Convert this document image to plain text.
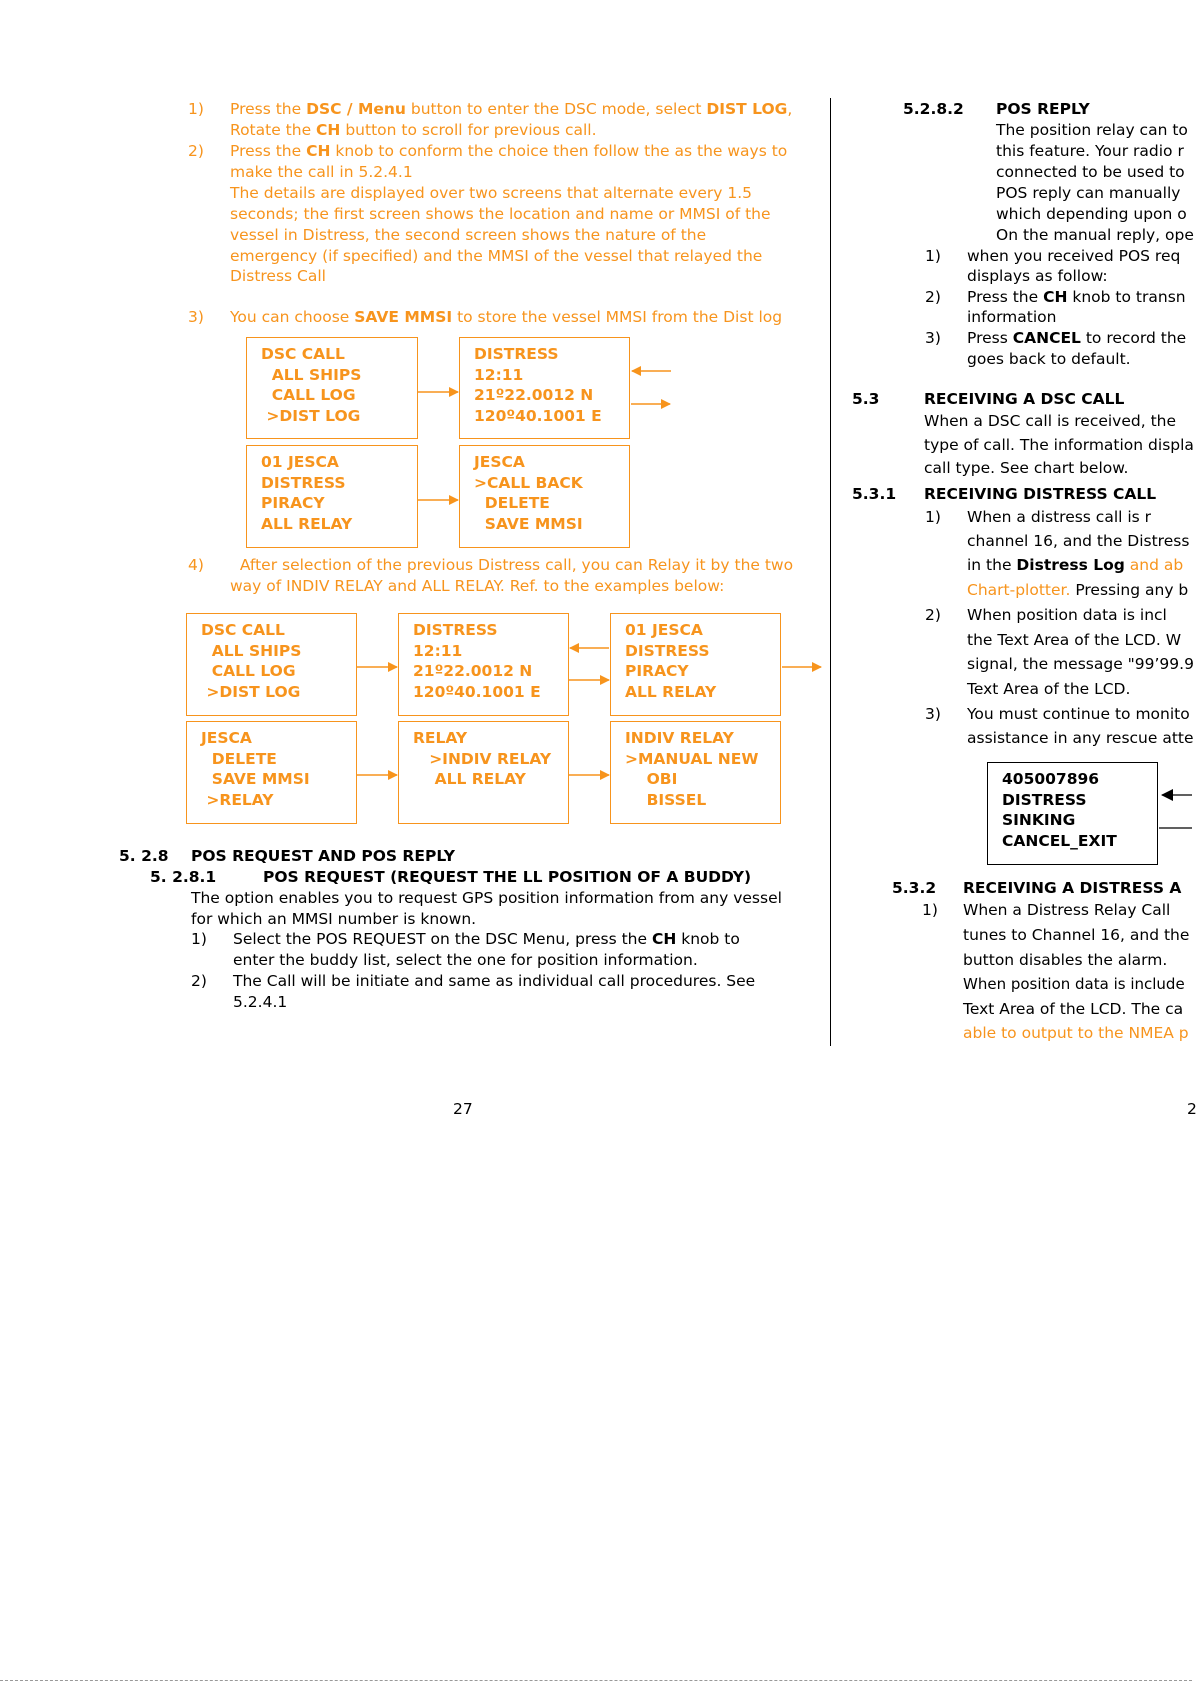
1) Press the DSC / Menu button to enter the DSC mode, select DIST LOG,
Rotate the CH button to scroll for previous call.
2) Press the CH knob to conform the choice then follow the as the ways to
make the call in 5.2.4.1
The details are displayed over two screens that alternate every 1.5
seconds; the first screen shows the location and name or MMSI of the
vessel in Distress, the second screen shows the nature of the
emergency (if specified) and the MMSI of the vessel that relayed the
Distress Call
3) You can choose SAVE MMSI to store the vessel MMSI from the Dist log
DSC CALL
ALL SHIPS
CALL LOG
>DIST LOG
DISTRESS
12:11
21º22.0012 N
120º40.1001 E
01 JESCA
DISTRESS
PIRACY
ALL RELAY
JESCA
>CALL BACK
DELETE
SAVE MMSI
4) After selection of the previous Distress call, you can Relay it by the two
way of INDIV RELAY and ALL RELAY. Ref. to the examples below:
DSC CALL
ALL SHIPS
CALL LOG
>DIST LOG
DISTRESS
12:11
21º22.0012 N
120º40.1001 E
01 JESCA
DISTRESS
PIRACY
ALL RELAY
JESCA
DELETE
SAVE MMSI
>RELAY
RELAY
>INDIV RELAY
ALL RELAY
INDIV RELAY
>MANUAL NEW
OBI
BISSEL
5. 2.8 POS REQUEST AND POS REPLY
5. 2.8.1	POS REQUEST (REQUEST THE LL POSITION OF A BUDDY)
The option enables you to request GPS position information from any vessel
for which an MMSI number is known.
1) Select the POS REQUEST on the DSC Menu, press the CH knob to
enter the buddy list, select the one for position information.
2) The Call will be initiate and same as individual call procedures. See
5.2.4.1
27
5.2.8.2 POS REPLY
The position relay can to
this feature. Your radio r
connected to be used to
POS reply can manually
which depending upon o
On the manual reply, ope
1) when you received POS req
displays as follow:
2) Press the CH knob to transn
information
3) Press CANCEL to record the
goes back to default.
5.3	RECEIVING A DSC CALL
When a DSC call is received, the
type of call. The information displa
call type. See chart below.
5.3.1 RECEIVING DISTRESS CALL
1) When a distress call is r
channel 16, and the Distress
in the Distress Log and ab
Chart-plotter. Pressing any b
2) When position data is incl
the Text Area of the LCD. W
signal, the message "99’99.9
Text Area of the LCD.
3) You must continue to monito
assistance in any rescue atte
405007896
DISTRESS
SINKING
CANCEL_EXIT
5.3.2 RECEIVING A DISTRESS A
1) When a Distress Relay Call
tunes to Channel 16, and the
button disables the alarm.
When position data is include
Text Area of the LCD. The ca
able to output to the NMEA p
2
